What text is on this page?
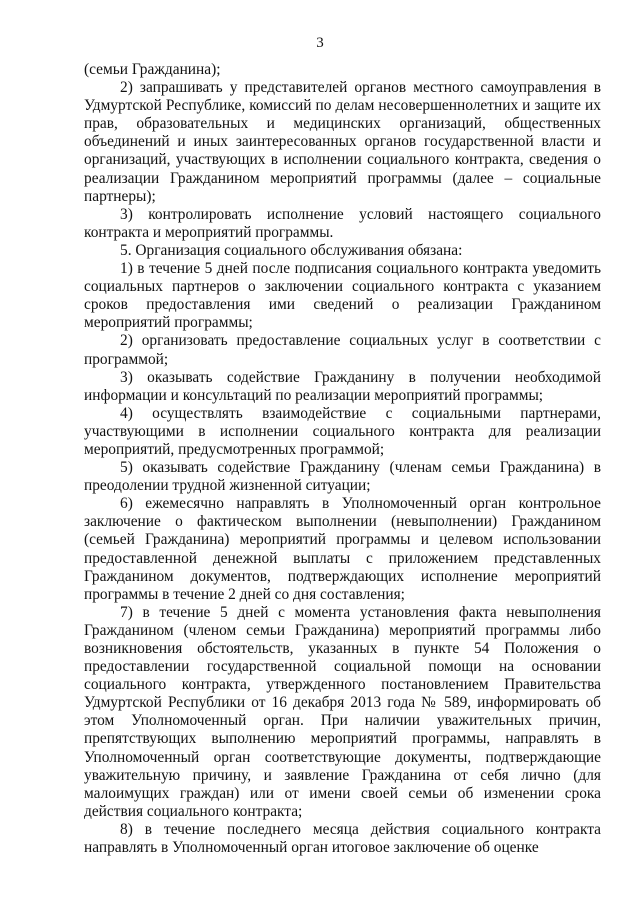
3

(семьи Гражданина);

2) запрашивать у представителей органов местного самоуправления в Удмуртской Республике, комиссий по делам несовершеннолетних и защите их прав, образовательных и медицинских организаций, общественных объединений и иных заинтересованных органов государственной власти и организаций, участвующих в исполнении социального контракта, сведения о реализации Гражданином мероприятий программы (далее – социальные партнеры);

3) контролировать исполнение условий настоящего социального контракта и мероприятий программы.

5. Организация социального обслуживания обязана:

1) в течение 5 дней после подписания социального контракта уведомить социальных партнеров о заключении социального контракта с указанием сроков предоставления ими сведений о реализации Гражданином мероприятий программы;

2) организовать предоставление социальных услуг в соответствии с программой;

3) оказывать содействие Гражданину в получении необходимой информации и консультаций по реализации мероприятий программы;

4) осуществлять взаимодействие с социальными партнерами, участвующими в исполнении социального контракта для реализации мероприятий, предусмотренных программой;

5) оказывать содействие Гражданину (членам семьи Гражданина) в преодолении трудной жизненной ситуации;

6) ежемесячно направлять в Уполномоченный орган контрольное заключение о фактическом выполнении (невыполнении) Гражданином (семьей Гражданина) мероприятий программы и целевом использовании предоставленной денежной выплаты с приложением представленных Гражданином документов, подтверждающих исполнение мероприятий программы в течение 2 дней со дня составления;

7) в течение 5 дней с момента установления факта невыполнения Гражданином (членом семьи Гражданина) мероприятий программы либо возникновения обстоятельств, указанных в пункте 54 Положения о предоставлении государственной социальной помощи на основании социального контракта, утвержденного постановлением Правительства Удмуртской Республики от 16 декабря 2013 года № 589, информировать об этом Уполномоченный орган. При наличии уважительных причин, препятствующих выполнению мероприятий программы, направлять в Уполномоченный орган соответствующие документы, подтверждающие уважительную причину, и заявление Гражданина от себя лично (для малоимущих граждан) или от имени своей семьи об изменении срока действия социального контракта;

8) в течение последнего месяца действия социального контракта направлять в Уполномоченный орган итоговое заключение об оценке
